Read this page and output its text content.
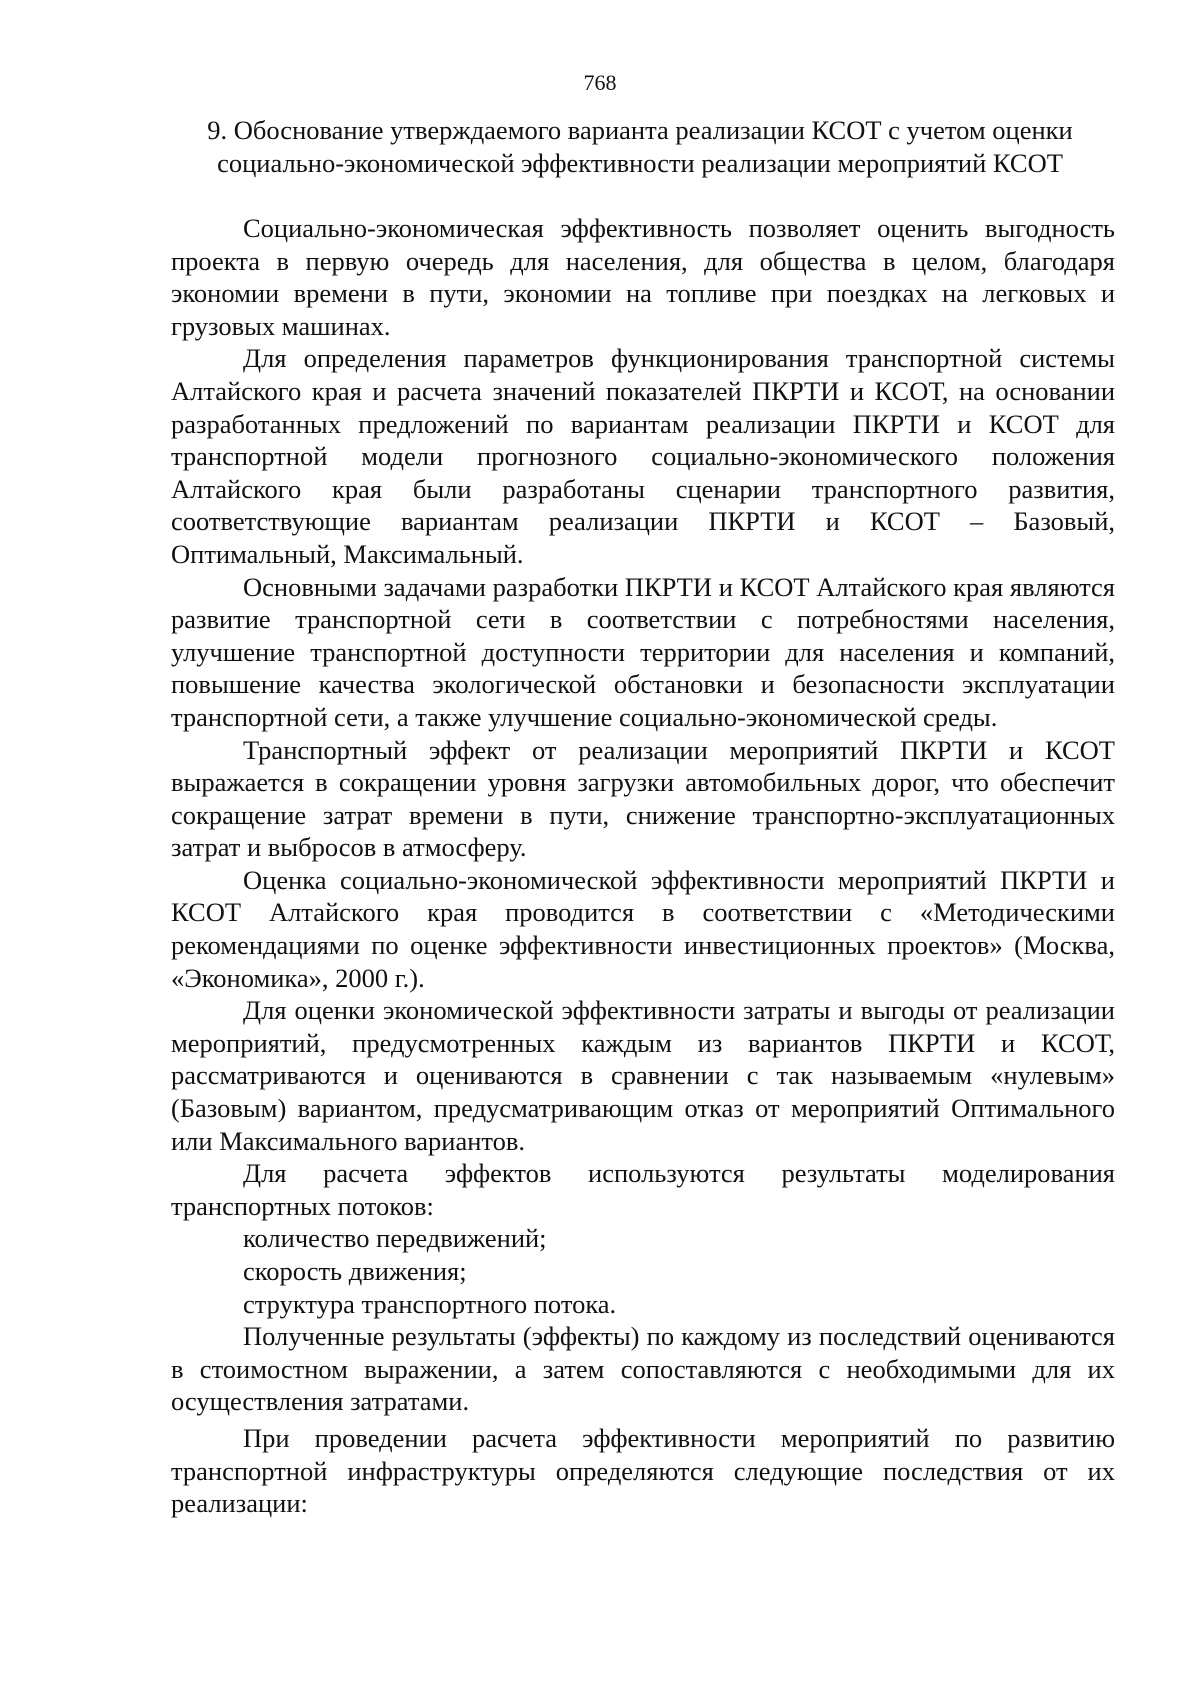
768
9. Обоснование утверждаемого варианта реализации КСОТ с учетом оценки
социально-экономической эффективности реализации мероприятий КСОТ

Социально-экономическая эффективность позволяет оценить выгодность проекта в первую очередь для населения, для общества в целом, благодаря экономии времени в пути, экономии на топливе при поездках на легковых и грузовых машинах.

Для определения параметров функционирования транспортной системы Алтайского края и расчета значений показателей ПКРТИ и КСОТ, на основании разработанных предложений по вариантам реализации ПКРТИ и КСОТ для транспортной модели прогнозного социально-экономического положения Алтайского края были разработаны сценарии транспортного развития, соответствующие вариантам реализации ПКРТИ и КСОТ – Базовый, Оптимальный, Максимальный.

Основными задачами разработки ПКРТИ и КСОТ Алтайского края являются развитие транспортной сети в соответствии с потребностями населения, улучшение транспортной доступности территории для населения и компаний, повышение качества экологической обстановки и безопасности эксплуатации транспортной сети, а также улучшение социально-экономической среды.

Транспортный эффект от реализации мероприятий ПКРТИ и КСОТ выражается в сокращении уровня загрузки автомобильных дорог, что обеспечит сокращение затрат времени в пути, снижение транспортно-эксплуатационных затрат и выбросов в атмосферу.

Оценка социально-экономической эффективности мероприятий ПКРТИ и КСОТ Алтайского края проводится в соответствии с «Методическими рекомендациями по оценке эффективности инвестиционных проектов» (Москва, «Экономика», 2000 г.).

Для оценки экономической эффективности затраты и выгоды от реализации мероприятий, предусмотренных каждым из вариантов ПКРТИ и КСОТ, рассматриваются и оцениваются в сравнении с так называемым «нулевым» (Базовым) вариантом, предусматривающим отказ от мероприятий Оптимального или Максимального вариантов.

Для расчета эффектов используются результаты моделирования транспортных потоков:

количество передвижений;

скорость движения;

структура транспортного потока.

Полученные результаты (эффекты) по каждому из последствий оцениваются в стоимостном выражении, а затем сопоставляются с необходимыми для их осуществления затратами.

При проведении расчета эффективности мероприятий по развитию транспортной инфраструктуры определяются следующие последствия от их реализации:
